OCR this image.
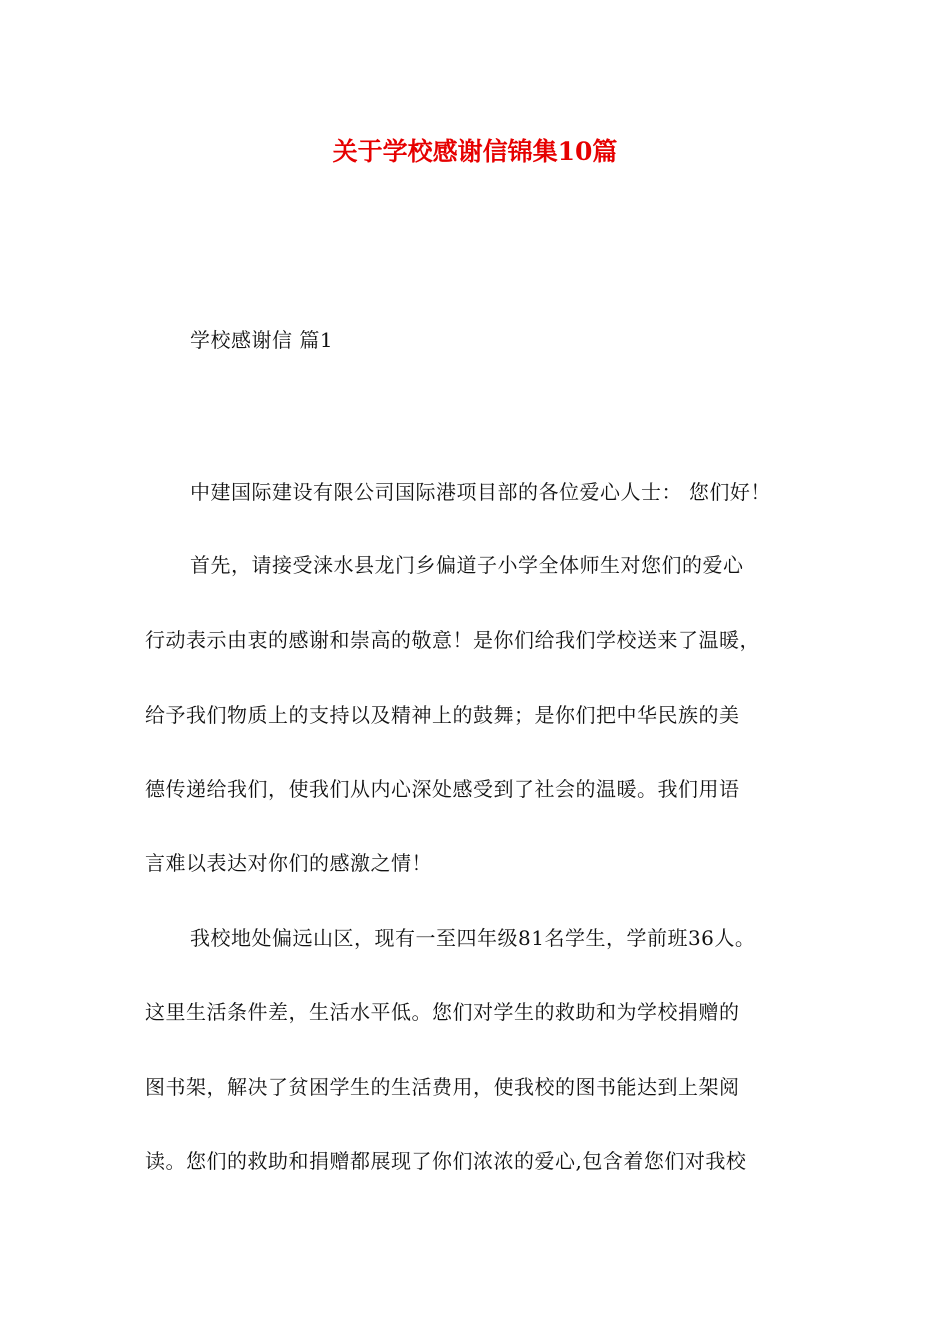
关于学校感谢信锦集10篇
学校感谢信 篇1
中建国际建设有限公司国际港项目部的各位爱心人士： 您们好！
首先，请接受涞水县龙门乡偏道子小学全体师生对您们的爱心
行动表示由衷的感谢和崇高的敬意！是你们给我们学校送来了温暖，
给予我们物质上的支持以及精神上的鼓舞；是你们把中华民族的美
德传递给我们，使我们从内心深处感受到了社会的温暖。我们用语
言难以表达对你们的感激之情！
我校地处偏远山区，现有一至四年级81名学生，学前班36人。
这里生活条件差，生活水平低。您们对学生的救助和为学校捐赠的
图书架，解决了贫困学生的生活费用，使我校的图书能达到上架阅
读。您们的救助和捐赠都展现了你们浓浓的爱心,包含着您们对我校
